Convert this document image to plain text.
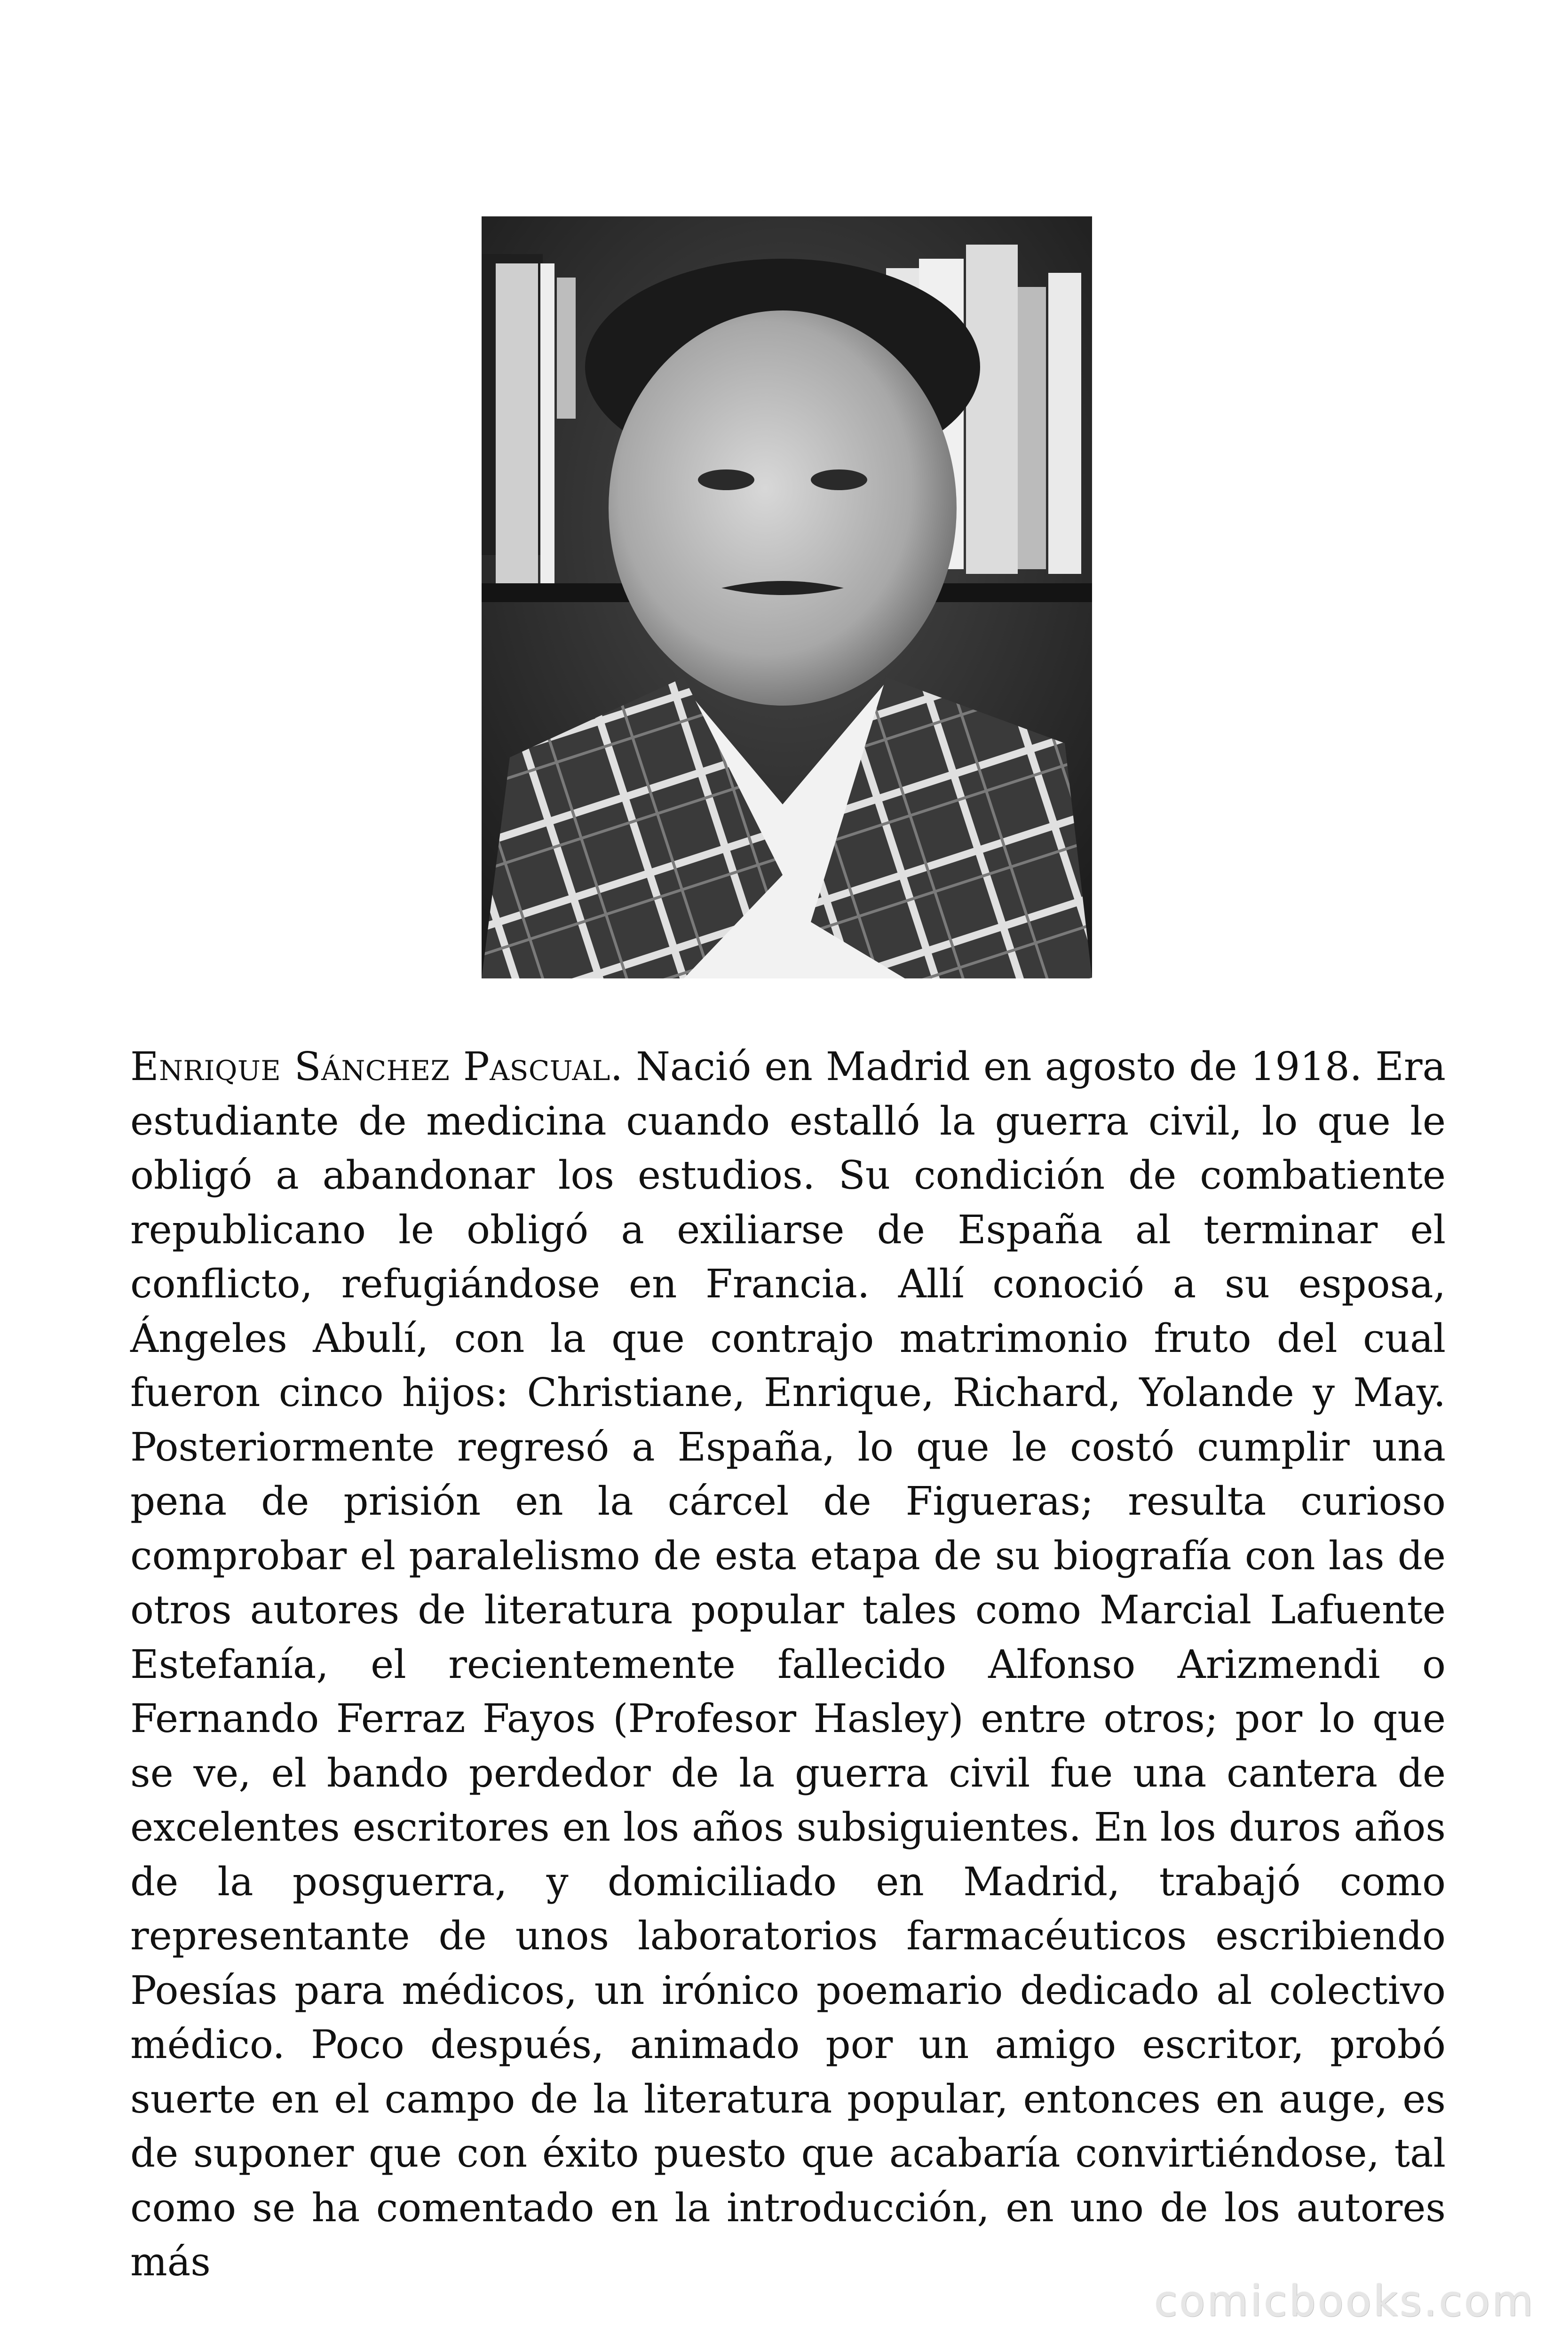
Enrique Sánchez Pascual. Nació en Madrid en agosto de 1918. Era estudiante de medicina cuando estalló la guerra civil, lo que le obligó a abandonar los estudios. Su condición de combatiente republicano le obligó a exiliarse de España al terminar el conflicto, refugiándose en Francia. Allí conoció a su esposa, Ángeles Abulí, con la que contrajo matrimonio fruto del cual fueron cinco hijos: Christiane, Enrique, Richard, Yolande y May. Posteriormente regresó a España, lo que le costó cumplir una pena de prisión en la cárcel de Figueras; resulta curioso comprobar el paralelismo de esta etapa de su biografía con las de otros autores de literatura popular tales como Marcial Lafuente Estefanía, el recientemente fallecido Alfonso Arizmendi o Fernando Ferraz Fayos (Profesor Hasley) entre otros; por lo que se ve, el bando perdedor de la guerra civil fue una cantera de excelentes escritores en los años subsiguientes. En los duros años de la posguerra, y domiciliado en Madrid, trabajó como representante de unos laboratorios farmacéuticos escribiendo Poesías para médicos, un irónico poemario dedicado al colectivo médico. Poco después, animado por un amigo escritor, probó suerte en el campo de la literatura popular, entonces en auge, es de suponer que con éxito puesto que acabaría convirtiéndose, tal como se ha comentado en la introducción, en uno de los autores más

comicbooks.com
